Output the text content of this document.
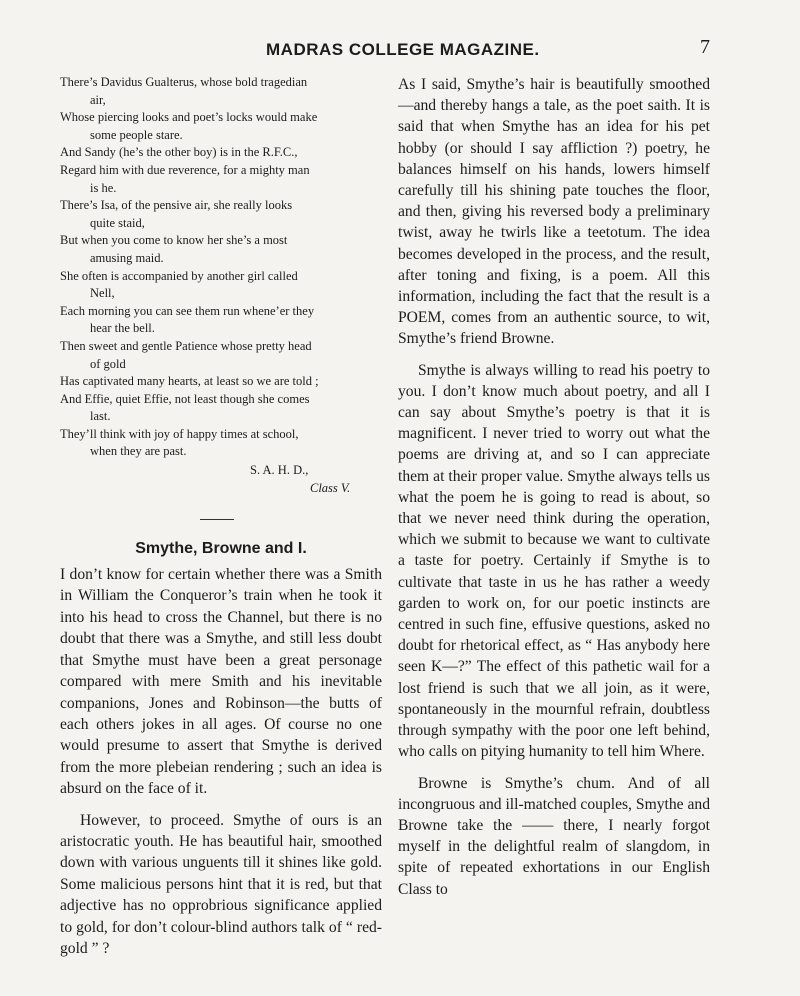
MADRAS COLLEGE MAGAZINE.	7
There’s Davidus Gualterus, whose bold tragedian
air,
Whose piercing looks and poet’s locks would make
some people stare.
And Sandy (he’s the other boy) is in the R.F.C.,
Regard him with due reverence, for a mighty man
is he.
There’s Isa, of the pensive air, she really looks
quite staid,
But when you come to know her she’s a most
amusing maid.
She often is accompanied by another girl called
Nell,
Each morning you can see them run whene’er they
hear the bell.
Then sweet and gentle Patience whose pretty head
of gold
Has captivated many hearts, at least so we are told ;
And Effie, quiet Effie, not least though she comes
last.
They’ll think with joy of happy times at school,
when they are past.
S. A. H. D.,
Class V.
Smythe, Browne and I.

I don’t know for certain whether there was a Smith in William the Conqueror’s train when he took it into his head to cross the Channel, but there is no doubt that there was a Smythe, and still less doubt that Smythe must have been a great personage compared with mere Smith and his inevitable companions, Jones and Robinson—the butts of each others jokes in all ages. Of course no one would presume to assert that Smythe is derived from the more plebeian rendering ; such an idea is absurd on the face of it.

However, to proceed. Smythe of ours is an aristocratic youth. He has beautiful hair, smoothed down with various unguents till it shines like gold. Some malicious persons hint that it is red, but that adjective has no opprobrious significance applied to gold, for don’t colour-blind authors talk of “ red-gold ” ?

As I said, Smythe’s hair is beautifully smoothed—and thereby hangs a tale, as the poet saith. It is said that when Smythe has an idea for his pet hobby (or should I say affliction ?) poetry, he balances himself on his hands, lowers himself carefully till his shining pate touches the floor, and then, giving his reversed body a preliminary twist, away he twirls like a teetotum. The idea becomes developed in the process, and the result, after toning and fixing, is a poem. All this information, including the fact that the result is a POEM, comes from an authentic source, to wit, Smythe’s friend Browne.

Smythe is always willing to read his poetry to you. I don’t know much about poetry, and all I can say about Smythe’s poetry is that it is magnificent. I never tried to worry out what the poems are driving at, and so I can appreciate them at their proper value. Smythe always tells us what the poem he is going to read is about, so that we never need think during the operation, which we submit to because we want to cultivate a taste for poetry. Certainly if Smythe is to cultivate that taste in us he has rather a weedy garden to work on, for our poetic instincts are centred in such fine, effusive questions, asked no doubt for rhetorical effect, as “ Has anybody here seen K—?” The effect of this pathetic wail for a lost friend is such that we all join, as it were, spontaneously in the mournful refrain, doubtless through sympathy with the poor one left behind, who calls on pitying humanity to tell him Where.

Browne is Smythe’s chum. And of all incongruous and ill-matched couples, Smythe and Browne take the —— there, I nearly forgot myself in the delightful realm of slangdom, in spite of repeated exhortations in our English Class to
